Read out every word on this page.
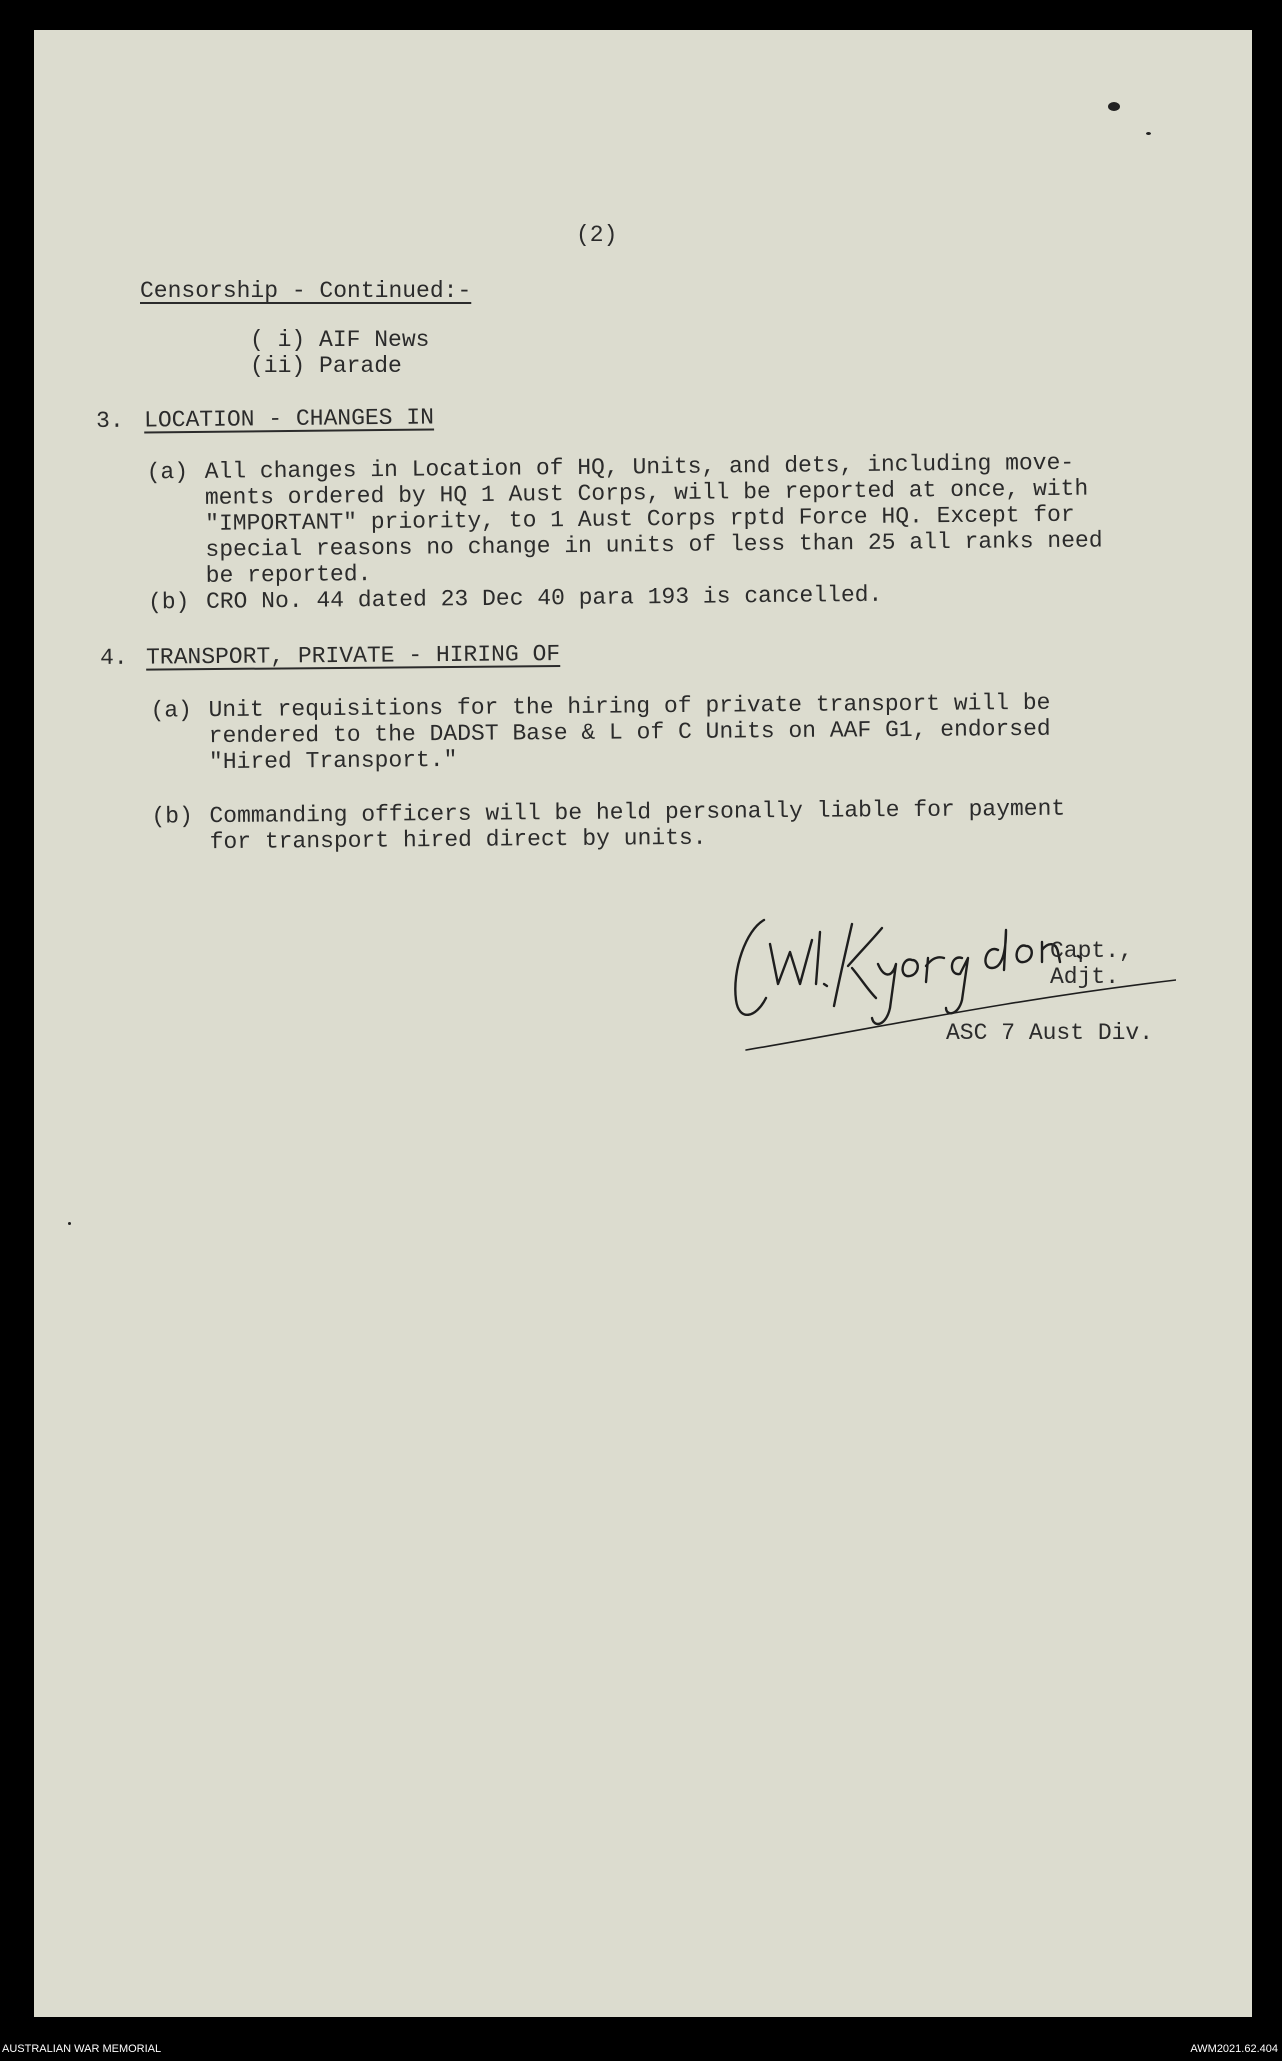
(2)
Censorship - Continued:-
( i) AIF News
(ii) Parade
3. LOCATION - CHANGES IN
(a) All changes in Location of HQ, Units, and dets, including move-
ments ordered by HQ 1 Aust Corps, will be reported at once, with
"IMPORTANT" priority, to 1 Aust Corps rptd Force HQ. Except for
special reasons no change in units of less than 25 all ranks need
be reported.
(b) CRO No. 44 dated 23 Dec 40 para 193 is cancelled.
4. TRANSPORT, PRIVATE - HIRING OF
(a) Unit requisitions for the hiring of private transport will be
rendered to the DADST Base & L of C Units on AAF G1, endorsed
"Hired Transport."
(b) Commanding officers will be held personally liable for payment
for transport hired direct by units.
Capt.,
Adjt.
ASC 7 Aust Div.
AUSTRALIAN WAR MEMORIAL	AWM2021.62.404
